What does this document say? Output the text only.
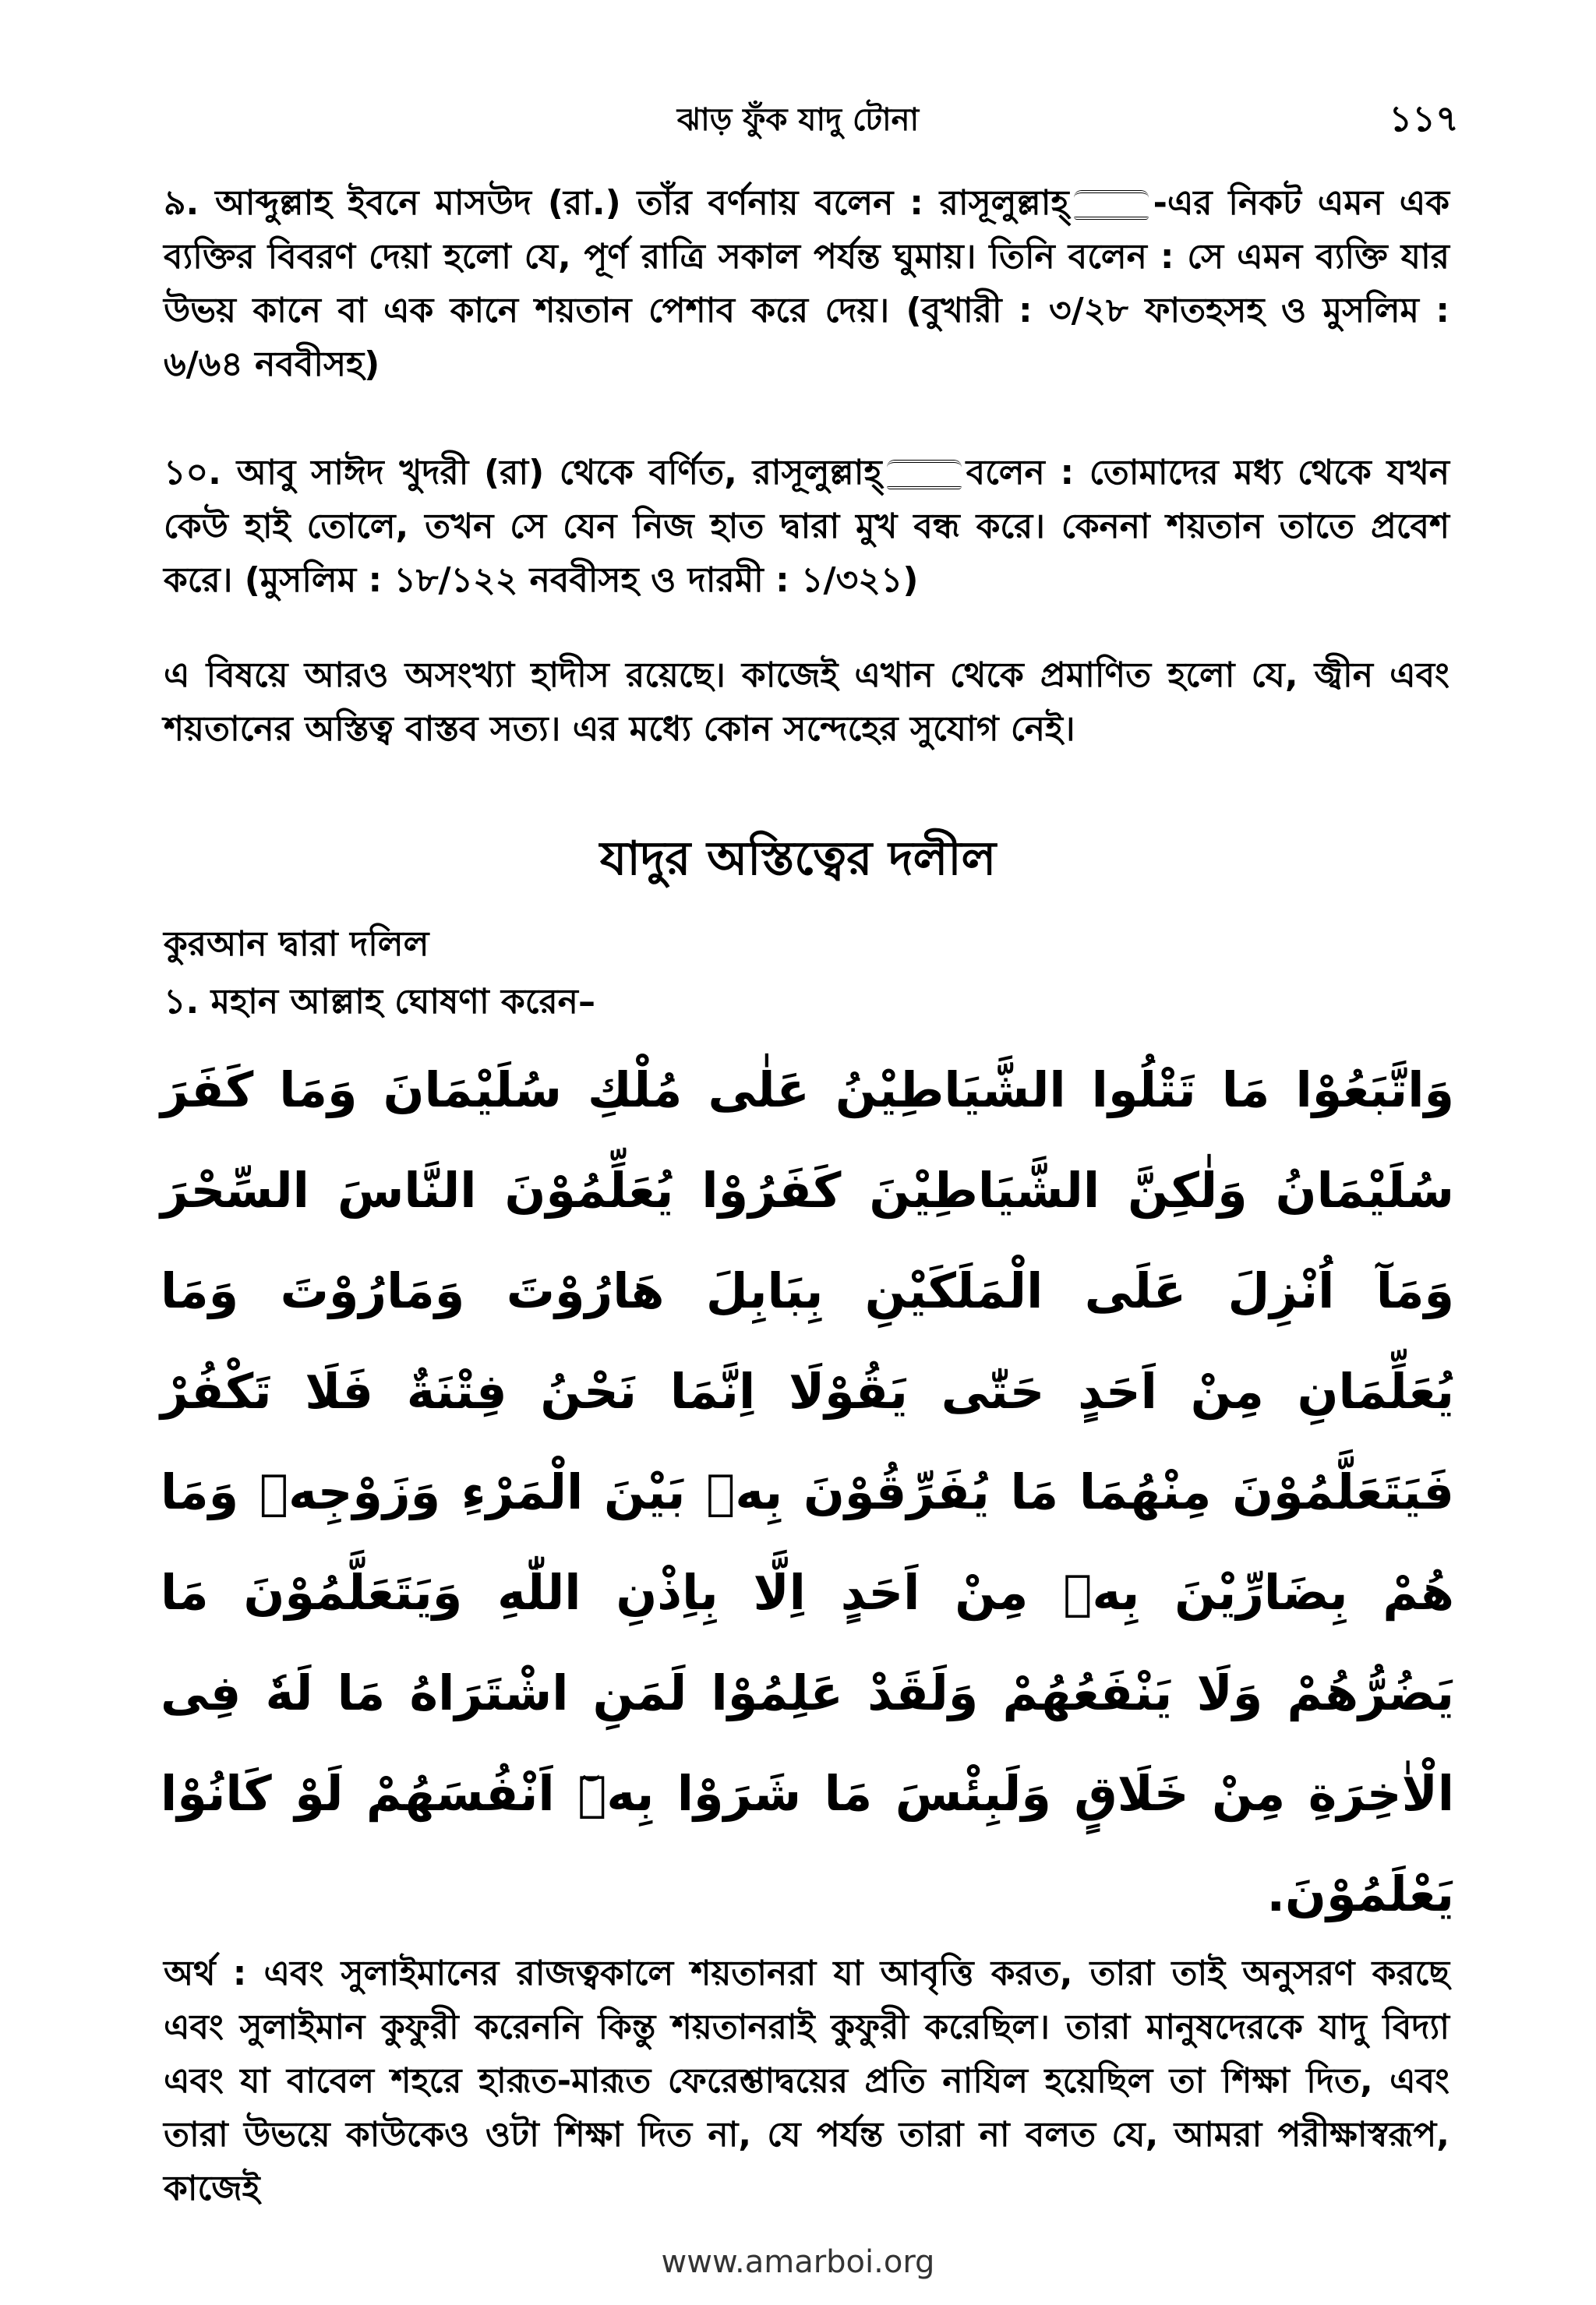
ঝাড় ফুঁক যাদু টোনা	১১৭
৯. আব্দুল্লাহ ইবনে মাসউদ (রা.) তাঁর বর্ণনায় বলেন : রাসূলুল্লাহ্ -এর নিকট এমন এক ব্যক্তির বিবরণ দেয়া হলো যে, পূর্ণ রাত্রি সকাল পর্যন্ত ঘুমায়। তিনি বলেন : সে এমন ব্যক্তি যার উভয় কানে বা এক কানে শয়তান পেশাব করে দেয়। (বুখারী : ৩/২৮ ফাতহসহ ও মুসলিম : ৬/৬৪ নববীসহ)
১০. আবু সাঈদ খুদরী (রা) থেকে বর্ণিত, রাসূলুল্লাহ্ বলেন : তোমাদের মধ্য থেকে যখন কেউ হাই তোলে, তখন সে যেন নিজ হাত দ্বারা মুখ বন্ধ করে। কেননা শয়তান তাতে প্রবেশ করে। (মুসলিম : ১৮/১২২ নববীসহ ও দারমী : ১/৩২১)
এ বিষয়ে আরও অসংখ্যা হাদীস রয়েছে। কাজেই এখান থেকে প্রমাণিত হলো যে, জ্বীন এবং শয়তানের অস্তিত্ব বাস্তব সত্য। এর মধ্যে কোন সন্দেহের সুযোগ নেই।
যাদুর অস্তিত্বের দলীল
কুরআন দ্বারা দলিল
১. মহান আল্লাহ ঘোষণা করেন–
وَاتَّبَعُوْا مَا تَتْلُوا الشَّيَاطِيْنُ عَلٰى مُلْكِ سُلَيْمَانَ وَمَا كَفَرَ سُلَيْمَانُ وَلٰكِنَّ الشَّيَاطِيْنَ كَفَرُوْا يُعَلِّمُوْنَ النَّاسَ السِّحْرَ وَمَآ اُنْزِلَ عَلَى الْمَلَكَيْنِ بِبَابِلَ هَارُوْتَ وَمَارُوْتَ وَمَا يُعَلِّمَانِ مِنْ اَحَدٍ حَتّٰى يَقُوْلَا اِنَّمَا نَحْنُ فِتْنَةٌ فَلَا تَكْفُرْ فَيَتَعَلَّمُوْنَ مِنْهُمَا مَا يُفَرِّقُوْنَ بِهٖ بَيْنَ الْمَرْءِ وَزَوْجِهٖ وَمَا هُمْ بِضَارِّيْنَ بِهٖ مِنْ اَحَدٍ اِلَّا بِاِذْنِ اللّٰهِ وَيَتَعَلَّمُوْنَ مَا يَضُرُّهُمْ وَلَا يَنْفَعُهُمْ وَلَقَدْ عَلِمُوْا لَمَنِ اشْتَرَاهُ مَا لَهٗ فِى الْاٰخِرَةِ مِنْ خَلَاقٍ وَلَبِئْسَ مَا شَرَوْا بِهٖٓ اَنْفُسَهُمْ لَوْ كَانُوْا يَعْلَمُوْنَ.
অর্থ : এবং সুলাইমানের রাজত্বকালে শয়তানরা যা আবৃত্তি করত, তারা তাই অনুসরণ করছে এবং সুলাইমান কুফুরী করেননি কিন্তু শয়তানরাই কুফুরী করেছিল। তারা মানুষদেরকে যাদু বিদ্যা এবং যা বাবেল শহরে হারূত-মারূত ফেরেশ্তাদ্বয়ের প্রতি নাযিল হয়েছিল তা শিক্ষা দিত, এবং তারা উভয়ে কাউকেও ওটা শিক্ষা দিত না, যে পর্যন্ত তারা না বলত যে, আমরা পরীক্ষাস্বরূপ, কাজেই
www.amarboi.org
